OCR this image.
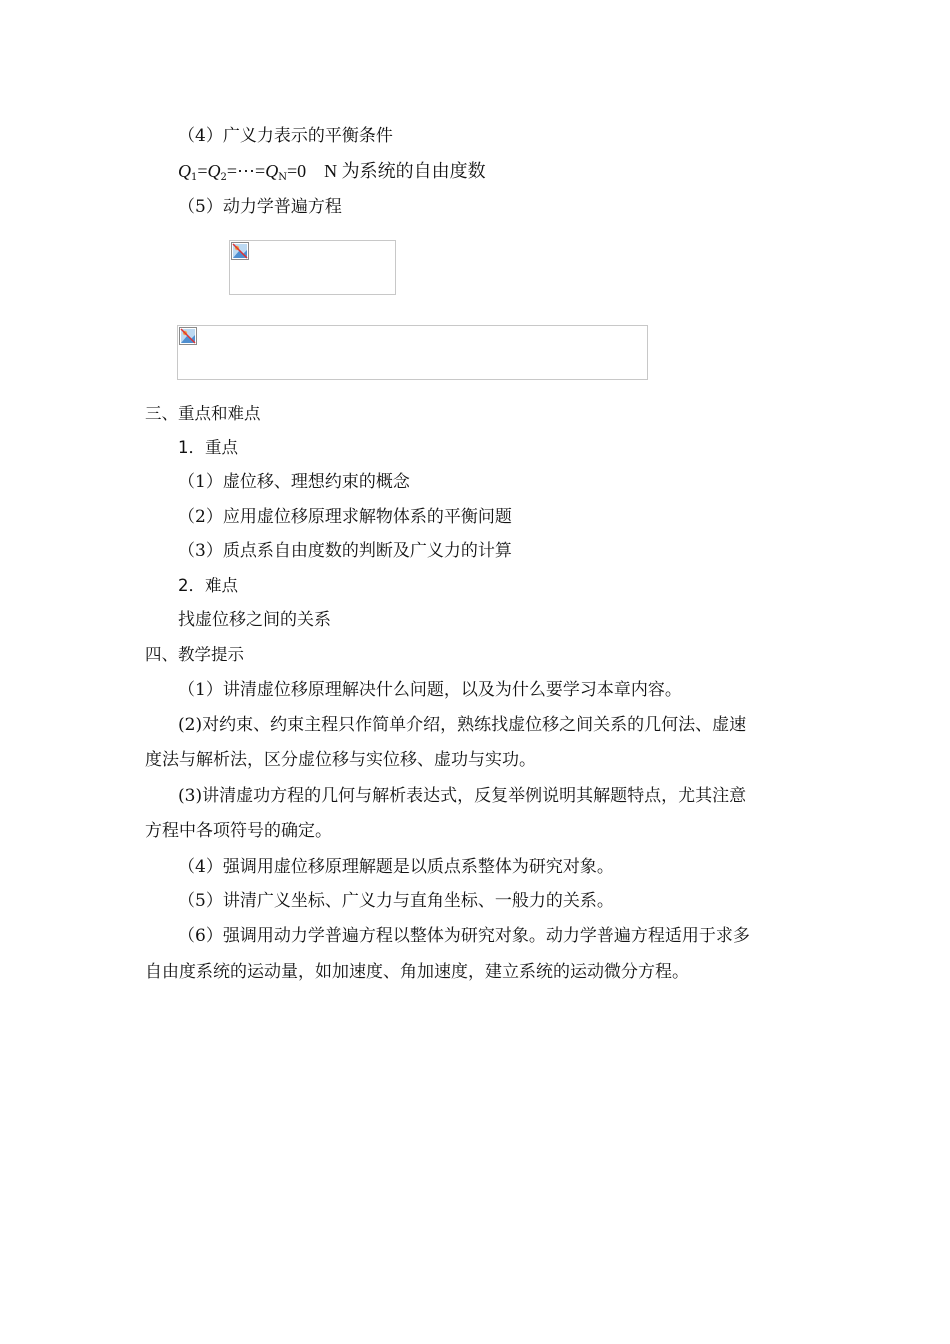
（4）广义力表示的平衡条件
$Q_1=Q_2=\cdots=Q_N=0$ N 为系统的自由度数
（5）动力学普遍方程
三、重点和难点
1．重点
（1）虚位移、理想约束的概念
（2）应用虚位移原理求解物体系的平衡问题
（3）质点系自由度数的判断及广义力的计算
2．难点
找虚位移之间的关系
四、教学提示
（1）讲清虚位移原理解决什么问题，以及为什么要学习本章内容。
(2)对约束、约束主程只作简单介绍，熟练找虚位移之间关系的几何法、虚速
度法与解析法，区分虚位移与实位移、虚功与实功。
(3)讲清虚功方程的几何与解析表达式，反复举例说明其解题特点，尤其注意
方程中各项符号的确定。
（4）强调用虚位移原理解题是以质点系整体为研究对象。
（5）讲清广义坐标、广义力与直角坐标、一般力的关系。
（6）强调用动力学普遍方程以整体为研究对象。动力学普遍方程适用于求多
自由度系统的运动量，如加速度、角加速度，建立系统的运动微分方程。
